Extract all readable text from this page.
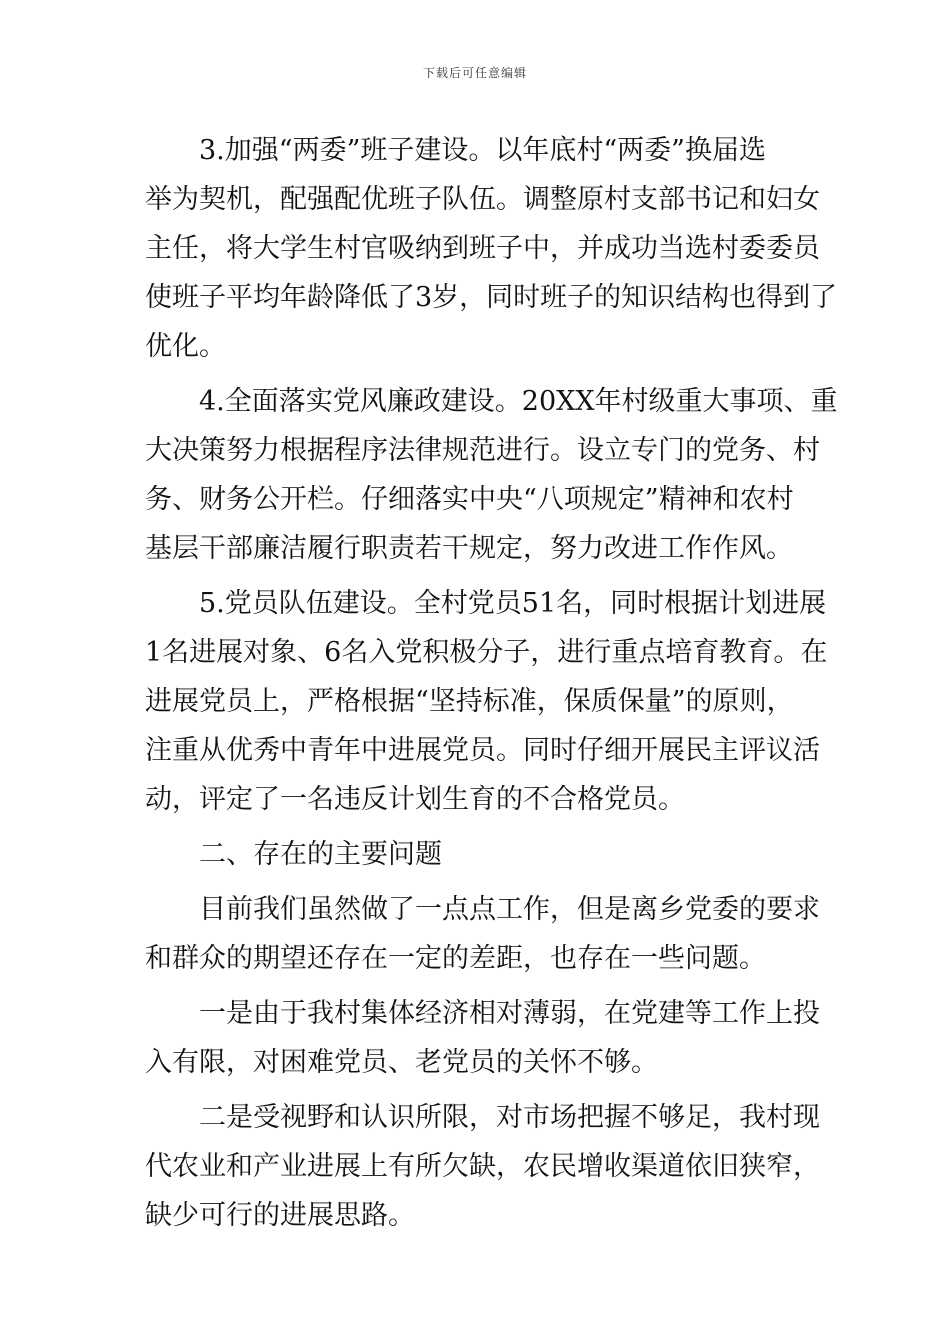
下载后可任意编辑
3.加强“两委”班子建设。以年底村“两委”换届选
举为契机，配强配优班子队伍。调整原村支部书记和妇女
主任，将大学生村官吸纳到班子中，并成功当选村委委员
使班子平均年龄降低了3岁，同时班子的知识结构也得到了
优化。
4.全面落实党风廉政建设。20XX年村级重大事项、重
大决策努力根据程序法律规范进行。设立专门的党务、村
务、财务公开栏。仔细落实中央“八项规定”精神和农村
基层干部廉洁履行职责若干规定，努力改进工作作风。
5.党员队伍建设。全村党员51名，同时根据计划进展
1名进展对象、6名入党积极分子，进行重点培育教育。在
进展党员上，严格根据“坚持标准，保质保量”的原则，
注重从优秀中青年中进展党员。同时仔细开展民主评议活
动，评定了一名违反计划生育的不合格党员。
二、存在的主要问题
目前我们虽然做了一点点工作，但是离乡党委的要求
和群众的期望还存在一定的差距，也存在一些问题。
一是由于我村集体经济相对薄弱，在党建等工作上投
入有限，对困难党员、老党员的关怀不够。
二是受视野和认识所限，对市场把握不够足，我村现
代农业和产业进展上有所欠缺，农民增收渠道依旧狭窄，
缺少可行的进展思路。
